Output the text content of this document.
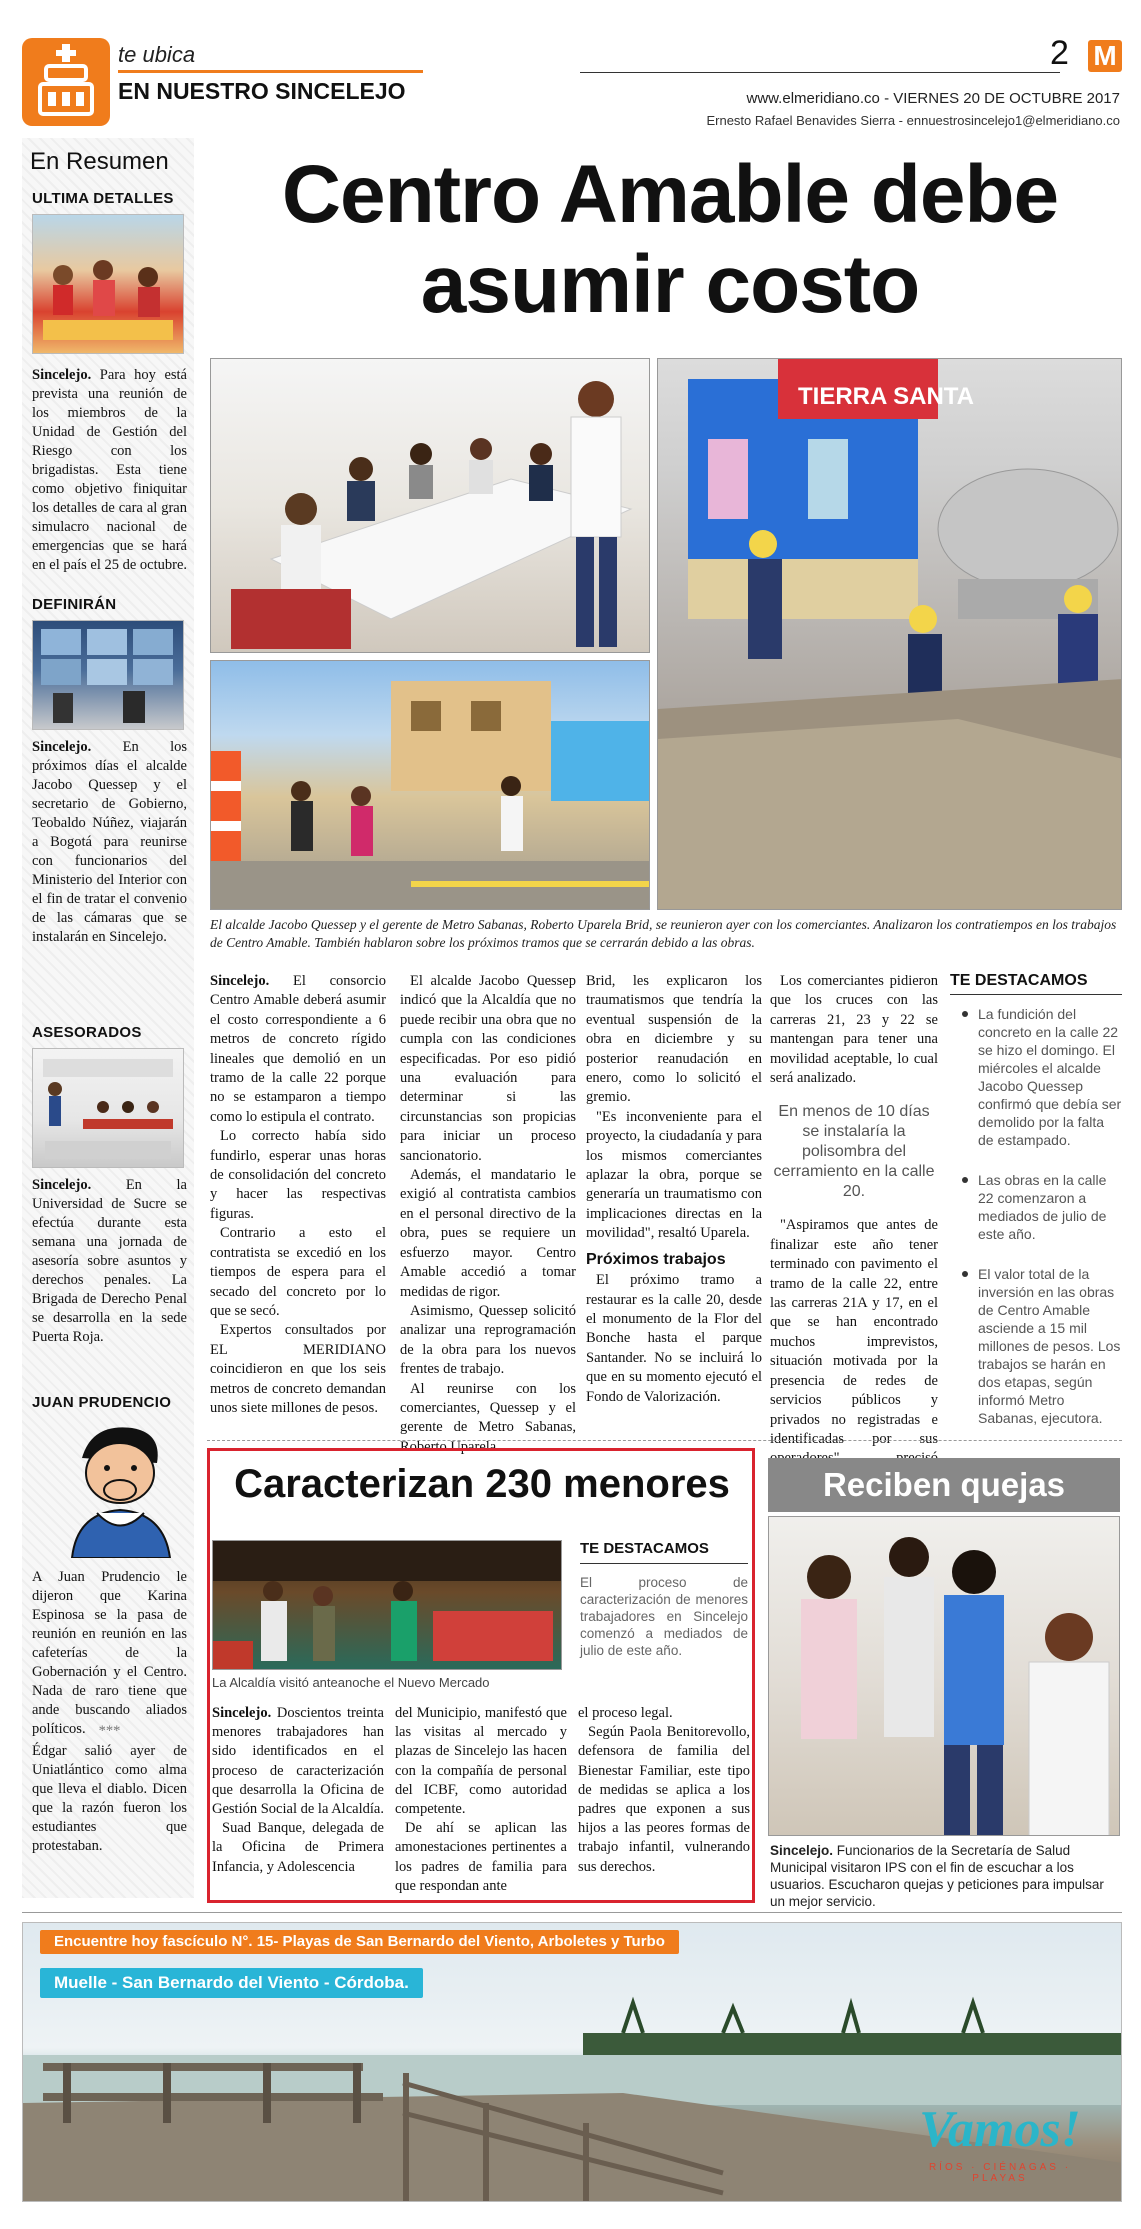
te ubica
EN NUESTRO SINCELEJO
2 M
www.elmeridiano.co - VIERNES 20 DE OCTUBRE 2017
Ernesto Rafael Benavides Sierra - ennuestrosincelejo1@elmeridiano.co
En Resumen
ULTIMA DETALLES
Sincelejo. Para hoy está prevista una reunión de los miembros de la Unidad de Gestión del Riesgo con los brigadistas. Esta tiene como objetivo finiquitar los detalles de cara al gran simulacro nacional de emergencias que se hará en el país el 25 de octubre.
DEFINIRÁN
Sincelejo. En los próximos días el alcalde Jacobo Quessep y el secretario de Gobierno, Teobaldo Núñez, viajarán a Bogotá para reunirse con funcionarios del Ministerio del Interior con el fin de tratar el convenio de las cámaras que se instalarán en Sincelejo.
ASESORADOS
Sincelejo. En la Universidad de Sucre se efectúa durante esta semana una jornada de asesoría sobre asuntos y derechos penales. La Brigada de Derecho Penal se desarrolla en la sede Puerta Roja.
JUAN PRUDENCIO
A Juan Prudencio le dijeron que Karina Espinosa se la pasa de reunión en reunión en las cafeterías de la Gobernación y el Centro. Nada de raro tiene que ande buscando aliados políticos. ***
Édgar salió ayer de Uniatlántico como alma que lleva el diablo. Dicen que la razón fueron los estudiantes que protestaban.
Centro Amable debe asumir costo
TIERRA SANTA
El alcalde Jacobo Quessep y el gerente de Metro Sabanas, Roberto Uparela Brid, se reunieron ayer con los comerciantes. Analizaron los contratiempos en los trabajos de Centro Amable. También hablaron sobre los próximos tramos que se cerrarán debido a las obras.

Sincelejo. El consorcio Centro Amable deberá asumir el costo correspondiente a 6 metros de concreto rígido lineales que demolió en un tramo de la calle 22 porque no se estamparon a tiempo como lo estipula el contrato.

Lo correcto había sido fundirlo, esperar unas horas de consolidación del concreto y hacer las respectivas figuras.

Contrario a esto el contratista se excedió en los tiempos de espera para el secado del concreto por lo que se secó.

Expertos consultados por EL MERIDIANO coincidieron en que los seis metros de concreto demandan unos siete millones de pesos.

El alcalde Jacobo Quessep indicó que la Alcaldía que no puede recibir una obra que no cumpla con las condiciones especificadas. Por eso pidió una evaluación para determinar si las circunstancias son propicias para iniciar un proceso sancionatorio.

Además, el mandatario le exigió al contratista cambios en el personal directivo de la obra, pues se requiere un esfuerzo mayor. Centro Amable accedió a tomar medidas de rigor.

Asimismo, Quessep solicitó analizar una reprogramación de la obra para los nuevos frentes de trabajo.

Al reunirse con los comerciantes, Quessep y el gerente de Metro Sabanas, Roberto Uparela

Brid, les explicaron los traumatismos que tendría la eventual suspensión de la obra en diciembre y su posterior reanudación en enero, como lo solicitó el gremio.

"Es inconveniente para el proyecto, la ciudadanía y para los mismos comerciantes aplazar la obra, porque se generaría un traumatismo con implicaciones directas en la movilidad", resaltó Uparela.

Próximos trabajos

El próximo tramo a restaurar es la calle 20, desde el monumento de la Flor del Bonche hasta el parque Santander. No se incluirá lo que en su momento ejecutó el Fondo de Valorización.

Los comerciantes pidieron que los cruces con las carreras 21, 23 y 22 se mantengan para tener una movilidad aceptable, lo cual será analizado.

En menos de 10 días se instalaría la polisombra del cerramiento en la calle 20.

"Aspiramos que antes de finalizar este año tener terminado con pavimento el tramo de la calle 22, entre las carreras 21A y 17, en el que se han encontrado muchos imprevistos, situación motivada por la presencia de redes de servicios públicos y privados no registradas e identificadas por sus

TE DESTACAMOS
La fundición del concreto en la calle 22 se hizo el domingo. El miércoles el alcalde Jacobo Quessep confirmó que debía ser demolido por la falta de estampado.
Las obras en la calle 22 comenzaron a mediados de julio de este año.
El valor total de la inversión en las obras de Centro Amable asciende a 15 mil millones de pesos. Los trabajos se harán en dos etapas, según informó Metro Sabanas, ejecutora.
Caracterizan 230 menores
La Alcaldía visitó anteanoche el Nuevo Mercado
TE DESTACAMOS
El proceso de caracterización de menores trabajadores en Sincelejo comenzó a mediados de julio de este año.

Sincelejo. Doscientos treinta menores trabajadores han sido identificados en el proceso de caracterización que desarrolla la Oficina de Gestión Social de la Alcaldía.

Suad Banque, delegada de la Oficina de Primera Infancia, y Adolescencia

del Municipio, manifestó que las visitas al mercado y plazas de Sincelejo las hacen con la compañía de personal del ICBF, como autoridad competente.

De ahí se aplican las amonestaciones pertinentes a los padres de familia para que respondan ante

el proceso legal.

Según Paola Benitorevollo, defensora de familia del Bienestar Familiar, este tipo de medidas se aplica a los padres que exponen a sus hijos a las peores formas de trabajo infantil, vulnerando sus derechos.

Reciben quejas
Sincelejo. Funcionarios de la Secretaría de Salud Municipal visitaron IPS con el fin de escuchar a los usuarios. Escucharon quejas y peticiones para impulsar un mejor servicio.
Encuentre hoy fascículo N°. 15- Playas de San Bernardo del Viento, Arboletes y Turbo
Muelle - San Bernardo del Viento - Córdoba.
Vamos!
RÍOS · CIÉNAGAS · PLAYAS
